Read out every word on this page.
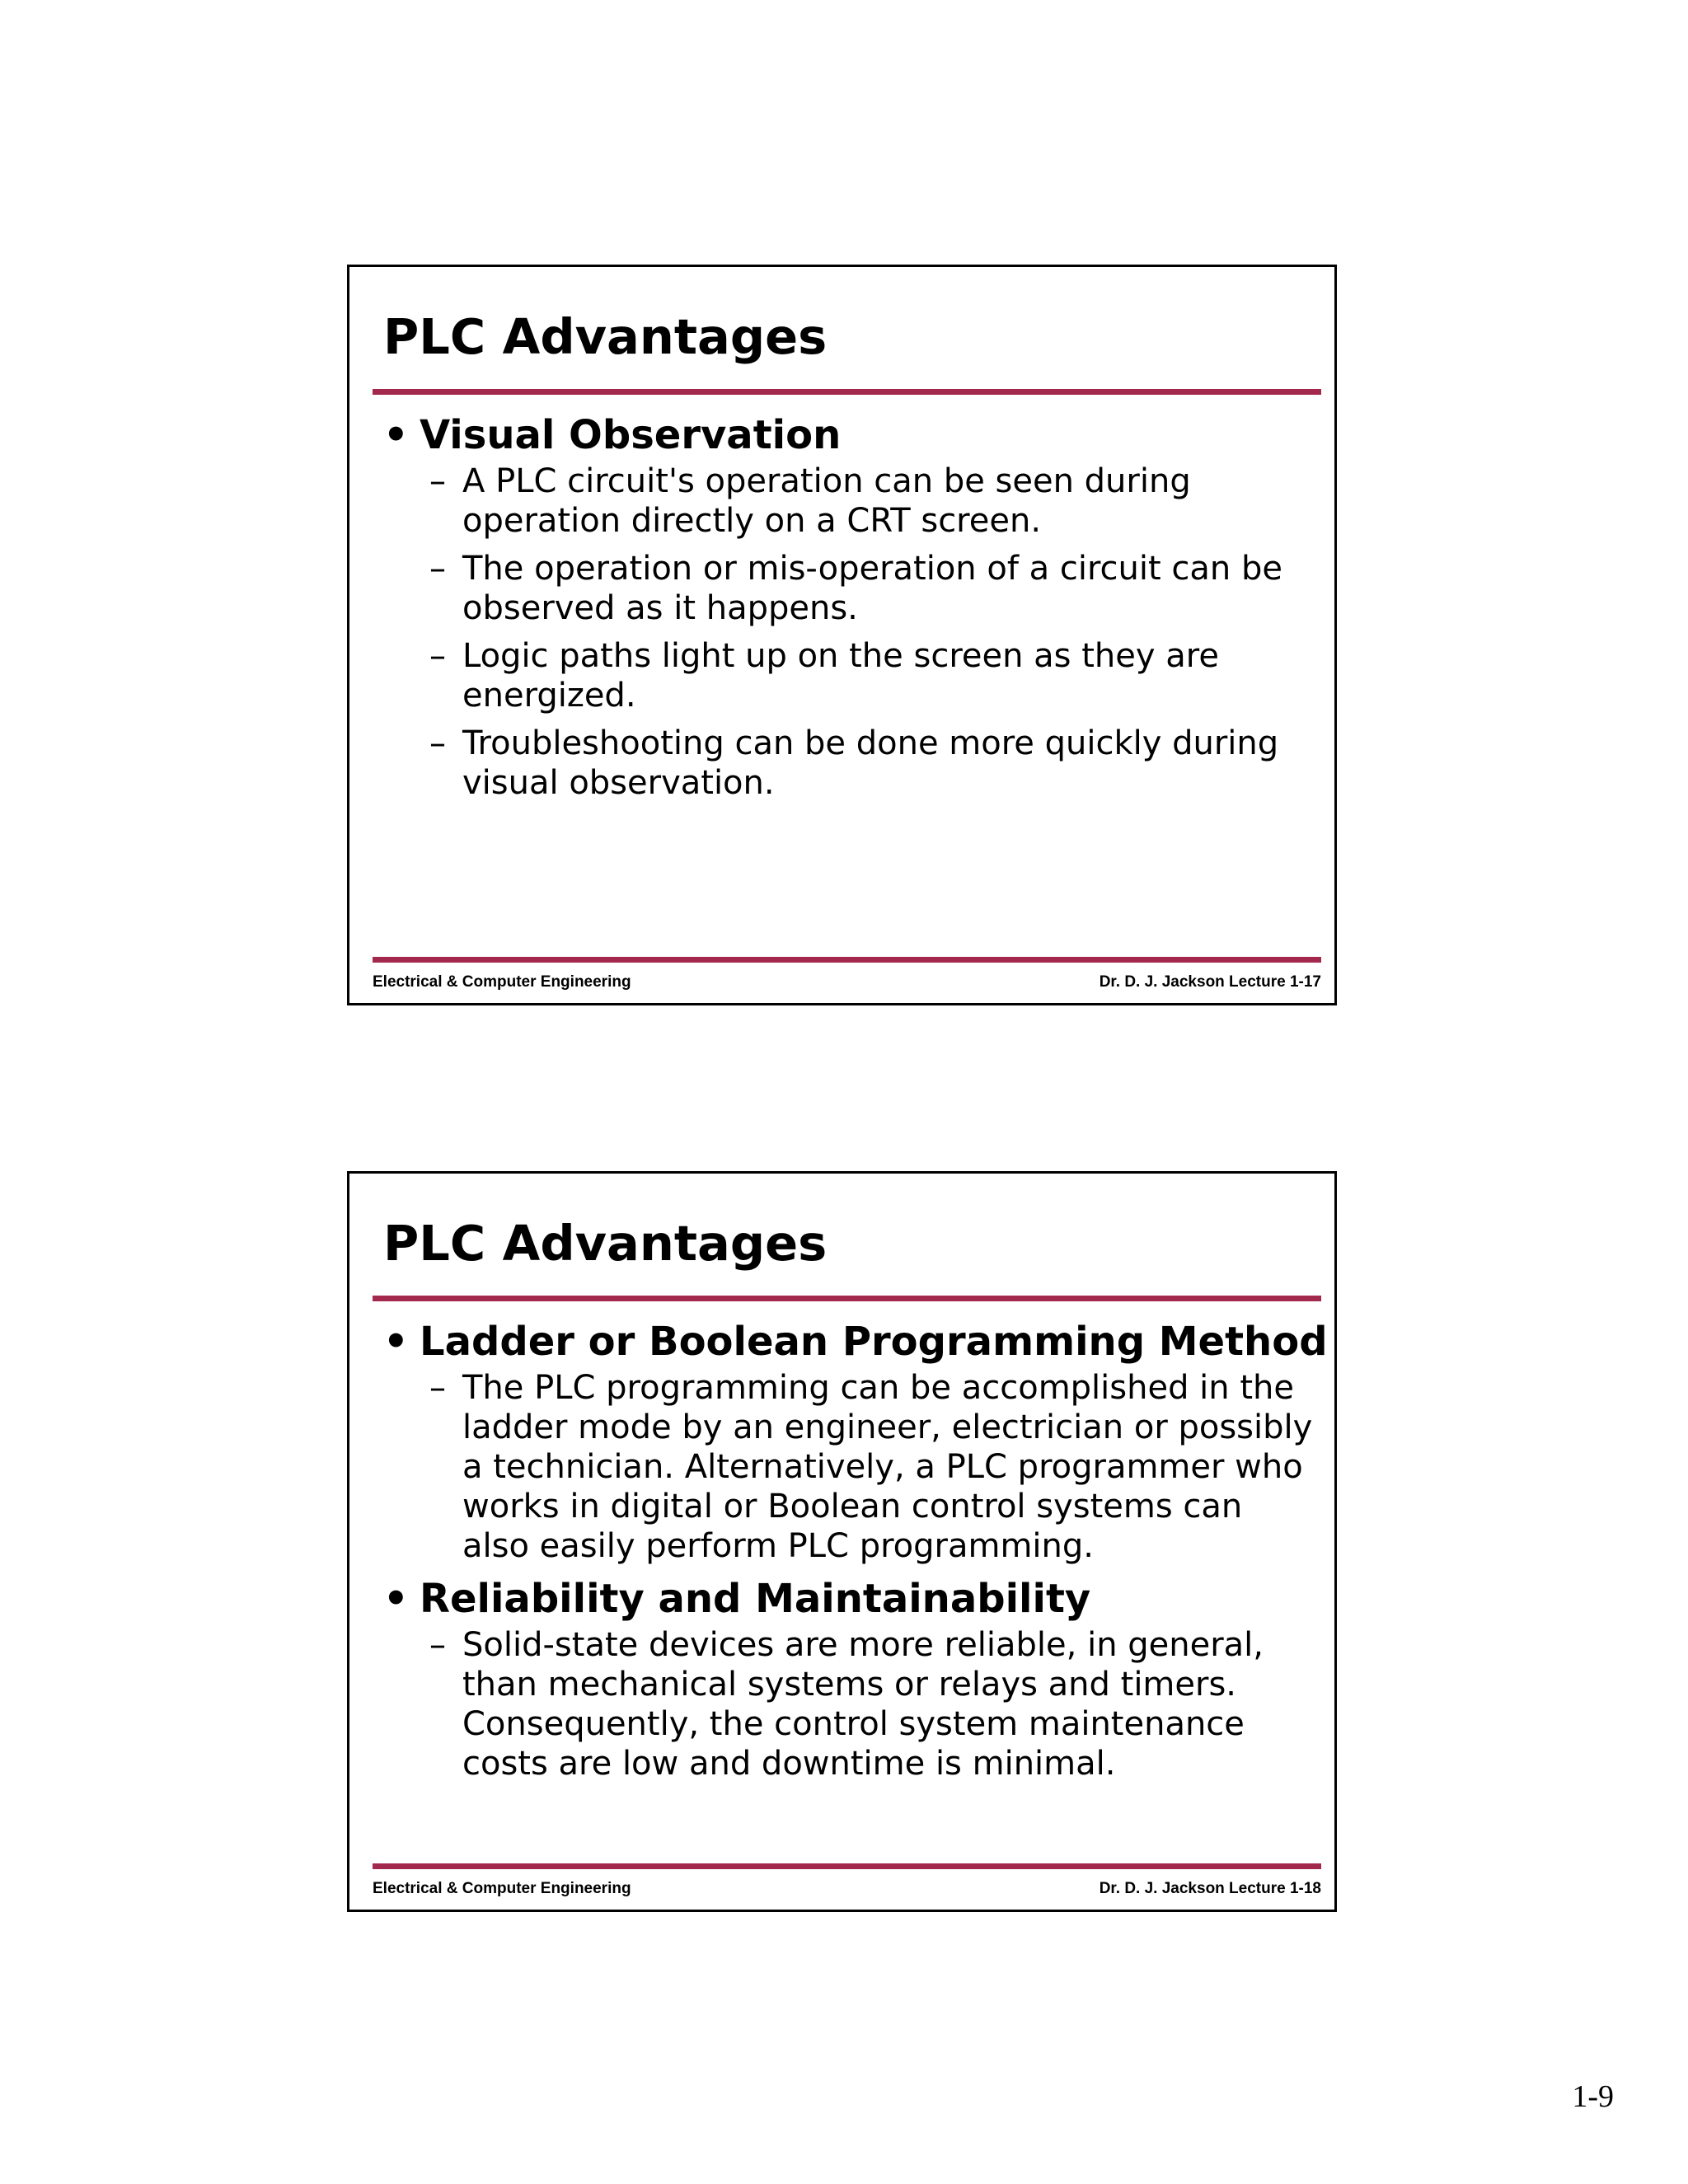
PLC Advantages
• Visual Observation
– A PLC circuit's operation can be seen during operation directly on a CRT screen.
– The operation or mis-operation of a circuit can be observed as it happens.
– Logic paths light up on the screen as they are energized.
– Troubleshooting can be done more quickly during visual observation.
Electrical & Computer Engineering	Dr. D. J. Jackson Lecture 1-17
PLC Advantages
• Ladder or Boolean Programming Method
– The PLC programming can be accomplished in the ladder mode by an engineer, electrician or possibly a technician. Alternatively, a PLC programmer who works in digital or Boolean control systems can also easily perform PLC programming.
• Reliability and Maintainability
– Solid-state devices are more reliable, in general, than mechanical systems or relays and timers. Consequently, the control system maintenance costs are low and downtime is minimal.
Electrical & Computer Engineering	Dr. D. J. Jackson Lecture 1-18
1-9
